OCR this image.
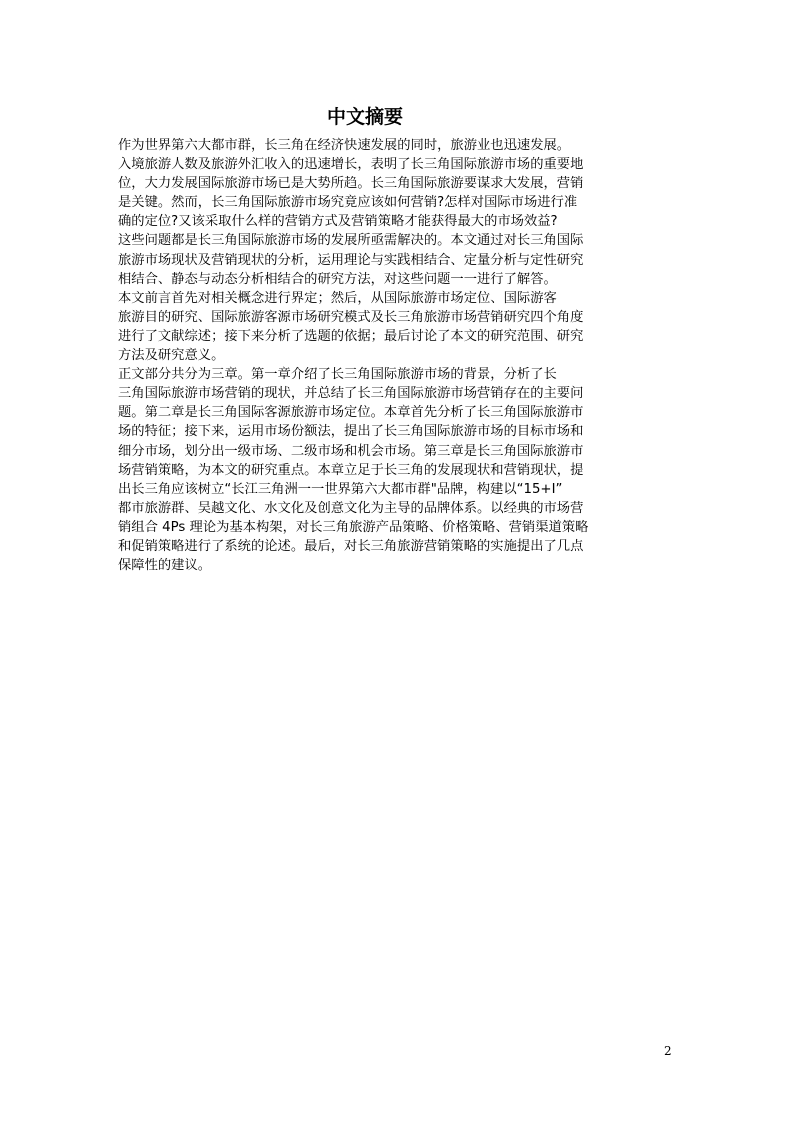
中文摘要
作为世界第六大都市群，长三角在经济快速发展的同时，旅游业也迅速发展。
入境旅游人数及旅游外汇收入的迅速增长，表明了长三角国际旅游市场的重要地
位，大力发展国际旅游市场已是大势所趋。长三角国际旅游要谋求大发展，营销
是关键。然而，长三角国际旅游市场究竟应该如何营销?怎样对国际市场进行准
确的定位?又该采取什么样的营销方式及营销策略才能获得最大的市场效益?
这些问题都是长三角国际旅游市场的发展所亟需解决的。本文通过对长三角国际
旅游市场现状及营销现状的分析，运用理论与实践相结合、定量分析与定性研究
相结合、静态与动态分析相结合的研究方法，对这些问题一一进行了解答。
本文前言首先对相关概念进行界定；然后，从国际旅游市场定位、国际游客
旅游目的研究、国际旅游客源市场研究模式及长三角旅游市场营销研究四个角度
进行了文献综述；接下来分析了选题的依据；最后讨论了本文的研究范围、研究
方法及研究意义。
正文部分共分为三章。第一章介绍了长三角国际旅游市场的背景，分析了长
三角国际旅游市场营销的现状，并总结了长三角国际旅游市场营销存在的主要问
题。第二章是长三角国际客源旅游市场定位。本章首先分析了长三角国际旅游市
场的特征；接下来，运用市场份额法，提出了长三角国际旅游市场的目标市场和
细分市场，划分出一级市场、二级市场和机会市场。第三章是长三角国际旅游市
场营销策略，为本文的研究重点。本章立足于长三角的发展现状和营销现状，提
出长三角应该树立“长江三角洲一一世界第六大都市群"品牌，构建以“15+I”
都市旅游群、吴越文化、水文化及创意文化为主导的品牌体系。以经典的市场营
销组合 4Ps 理论为基本构架，对长三角旅游产品策略、价格策略、营销渠道策略
和促销策略进行了系统的论述。最后，对长三角旅游营销策略的实施提出了几点
保障性的建议。
2
